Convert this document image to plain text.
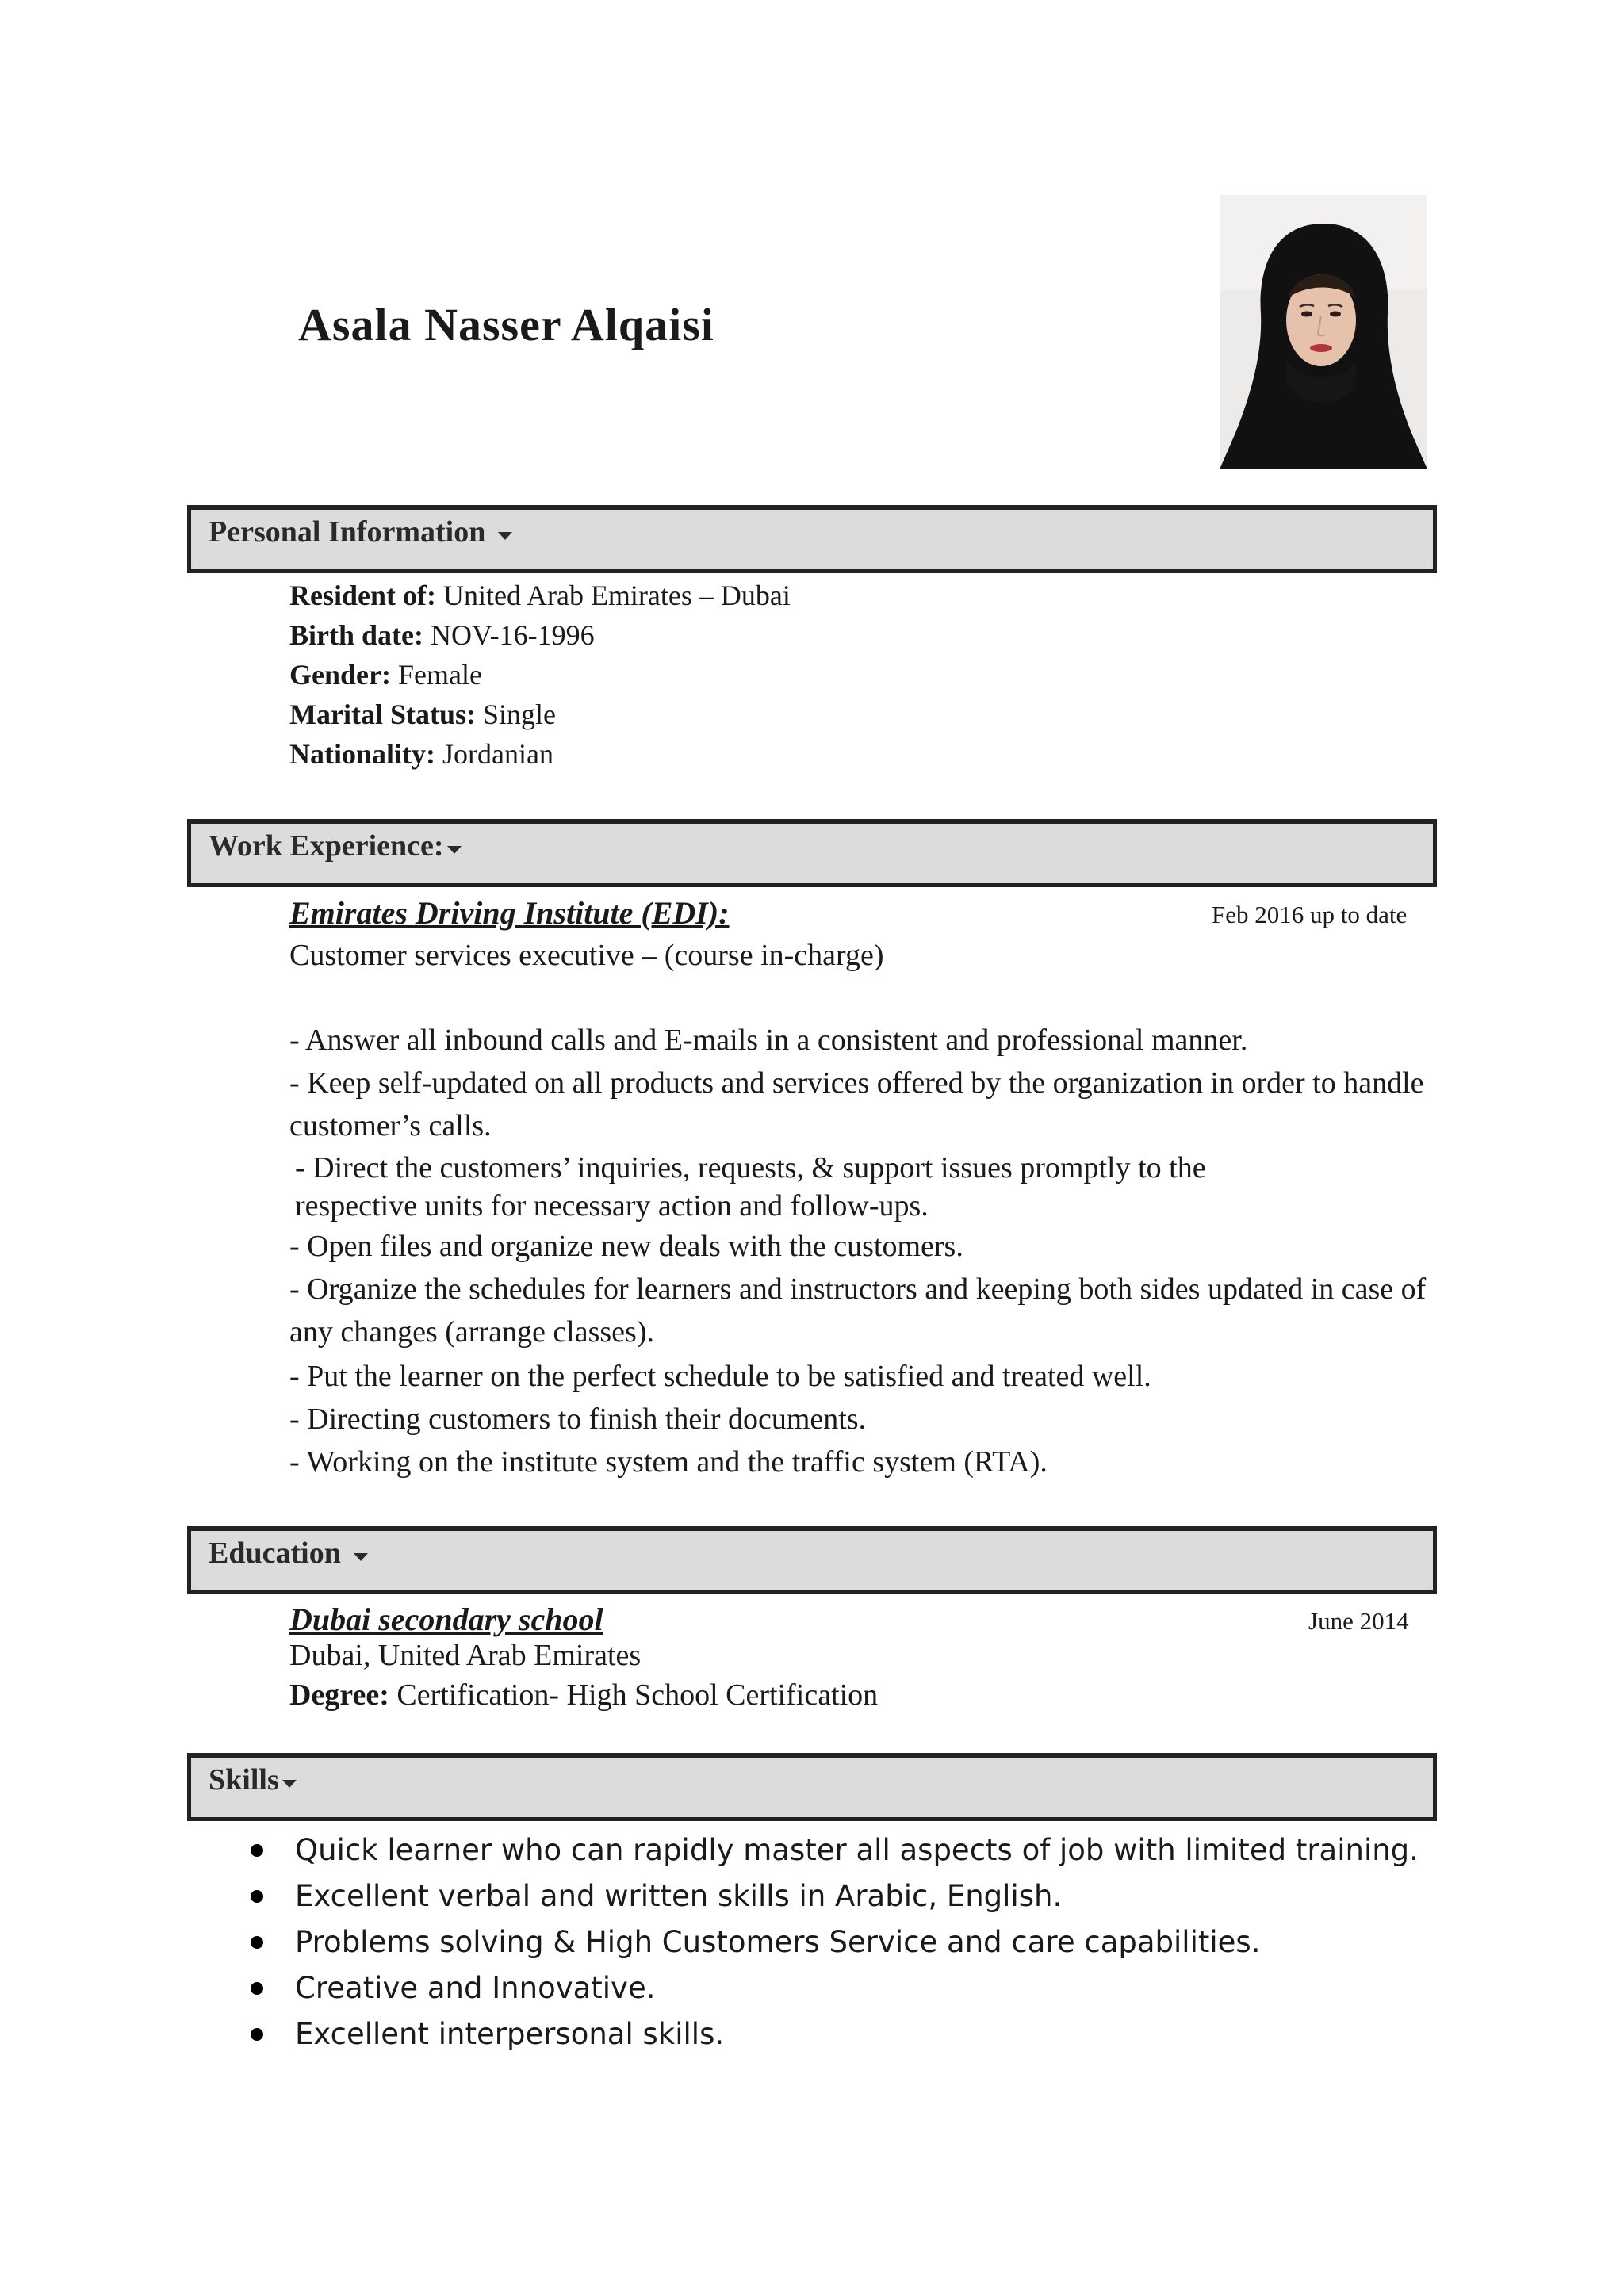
Asala Nasser Alqaisi
Personal Information
Resident of: United Arab Emirates – Dubai
Birth date: NOV-16-1996
Gender: Female
Marital Status: Single
Nationality: Jordanian
Work Experience:
Emirates Driving Institute (EDI):	Feb 2016 up to date
Customer services executive – (course in-charge)
- Answer all inbound calls and E-mails in a consistent and professional manner.
- Keep self-updated on all products and services offered by the organization in order to handle customer’s calls.
- Direct the customers’ inquiries, requests, & support issues promptly to the respective units for necessary action and follow-ups.
- Open files and organize new deals with the customers.
- Organize the schedules for learners and instructors and keeping both sides updated in case of any changes (arrange classes).
- Put the learner on the perfect schedule to be satisfied and treated well.
- Directing customers to finish their documents.
- Working on the institute system and the traffic system (RTA).
Education
Dubai secondary school	June 2014
Dubai, United Arab Emirates
Degree: Certification- High School Certification
Skills
Quick learner who can rapidly master all aspects of job with limited training.
Excellent verbal and written skills in Arabic, English.
Problems solving & High Customers Service and care capabilities.
Creative and Innovative.
Excellent interpersonal skills.
